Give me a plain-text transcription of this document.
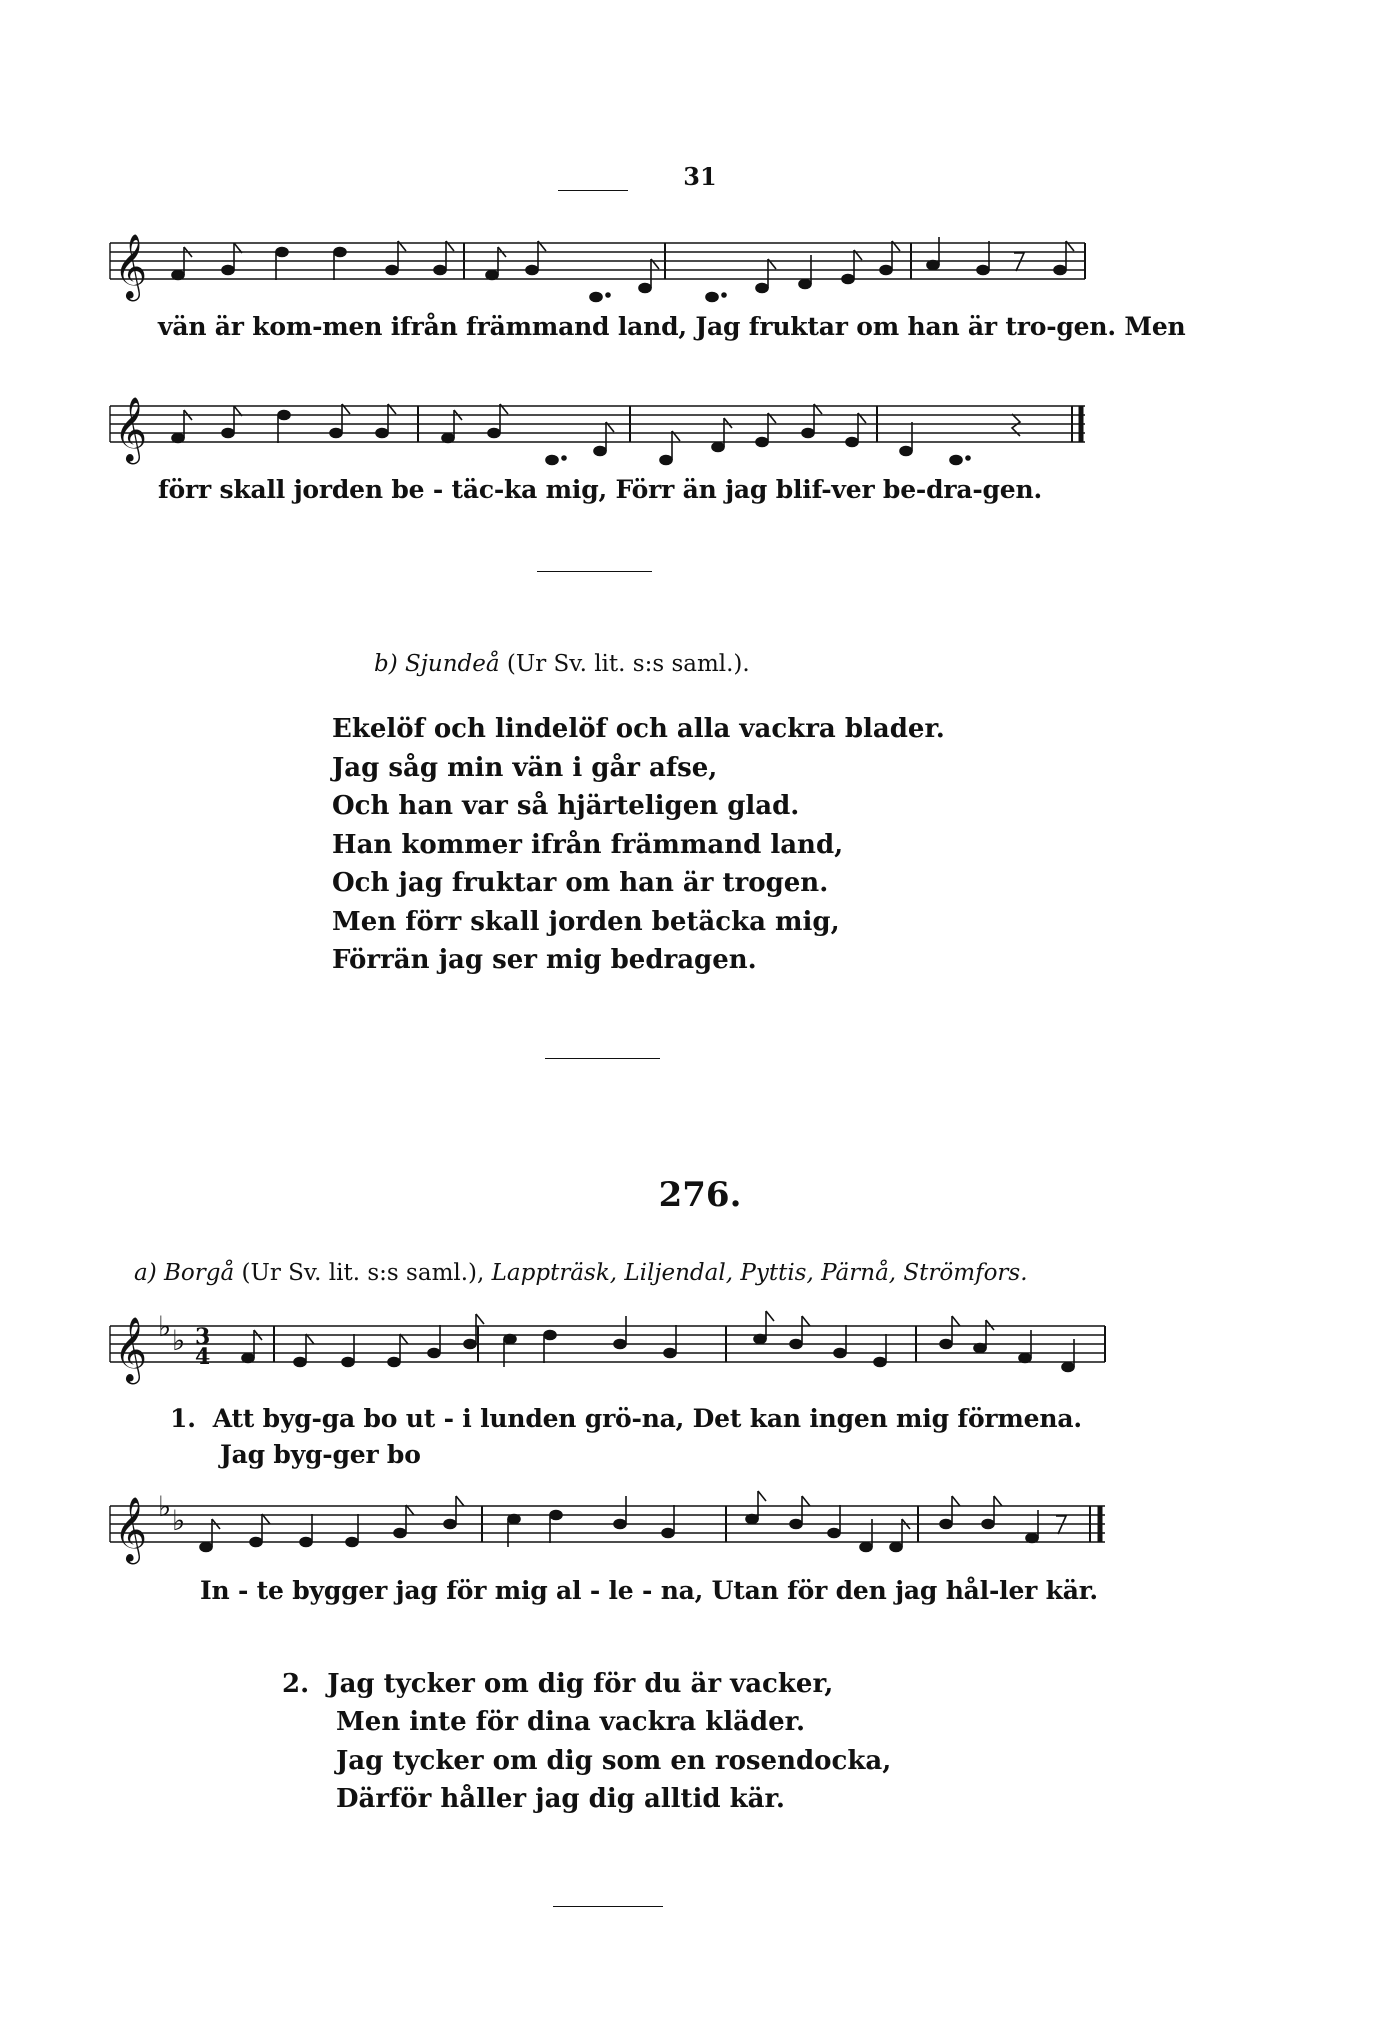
31
𝄞
vän är kom-men ifrån främmand land, Jag fruktar om han är tro-gen. Men
𝄞
förr skall jorden be - täc-ka mig, Förr än jag blif-ver be-dra-gen.
b) Sjundeå (Ur Sv. lit. s:s saml.).
Ekelöf och lindelöf och alla vackra blader.
Jag såg min vän i går afse,
Och han var så hjärteligen glad.
Han kommer ifrån främmand land,
Och jag fruktar om han är trogen.
Men förr skall jorden betäcka mig,
Förrän jag ser mig bedragen.
276.
a) Borgå (Ur Sv. lit. s:s saml.), Lappträsk, Liljendal, Pyttis, Pärnå, Strömfors.
𝄞 ♭ ♭ 3
4
1.  Att byg-ga bo ut - i lunden grö-na, Det kan ingen mig förmena.
Jag byg-ger bo
𝄞 ♭ ♭
In - te bygger jag för mig al - le - na, Utan för den jag hål-ler kär.
2. Jag tycker om dig för du är vacker,
Men inte för dina vackra kläder.
Jag tycker om dig som en rosendocka,
Därför håller jag dig alltid kär.
